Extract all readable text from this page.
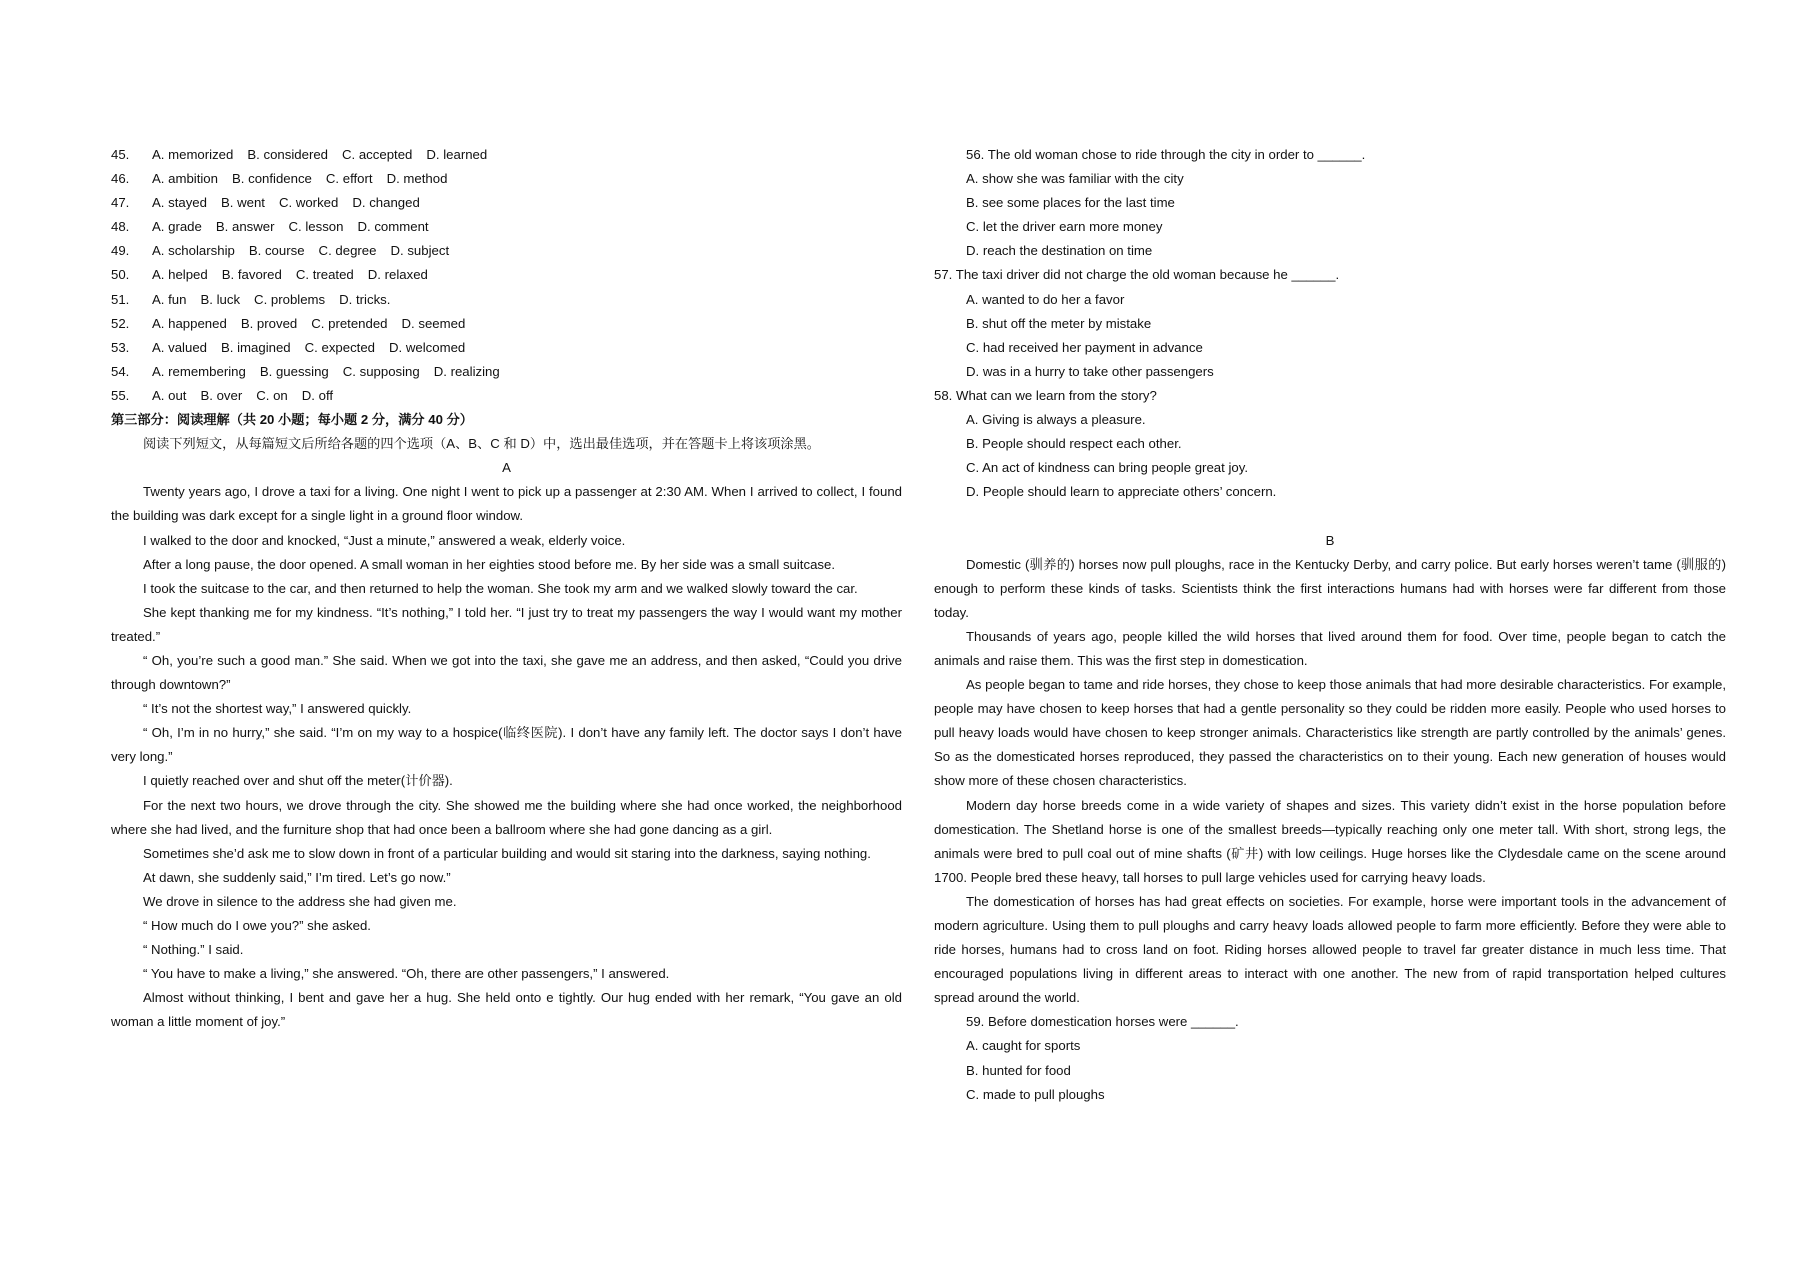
45.	A. memorized	B. considered	C. accepted	D. learned
46.	A. ambition	B. confidence	C. effort	D. method
47.	A. stayed	B. went	C. worked	D. changed
48.	A. grade	B. answer	C. lesson	D. comment
49.	A. scholarship	B. course	C. degree	D. subject
50.	A. helped	B. favored	C. treated	D. relaxed
51.	A. fun	B. luck	C. problems	D. tricks.
52.	A. happened	B. proved	C. pretended	D. seemed
53.	A. valued	B. imagined	C. expected	D. welcomed
54.	A. remembering	B. guessing	C. supposing	D. realizing
55.	A. out	B. over	C. on	D. off
第三部分：阅读理解（共 20 小题；每小题 2 分，满分 40 分）

阅读下列短文，从每篇短文后所给各题的四个选项（A、B、C 和 D）中，选出最佳选项，并在答题卡上将该项涂黑。

A

Twenty years ago, I drove a taxi for a living. One night I went to pick up a passenger at 2:30 AM. When I arrived to collect, I found the building was dark except for a single light in a ground floor window.

I walked to the door and knocked, “Just a minute,” answered a weak, elderly voice.

After a long pause, the door opened. A small woman in her eighties stood before me. By her side was a small suitcase.

I took the suitcase to the car, and then returned to help the woman. She took my arm and we walked slowly toward the car.

She kept thanking me for my kindness. “It’s nothing,” I told her. “I just try to treat my passengers the way I would want my mother treated.”

“ Oh, you’re such a good man.” She said. When we got into the taxi, she gave me an address, and then asked, “Could you drive through downtown?”

“ It’s not the shortest way,” I answered quickly.

“ Oh, I’m in no hurry,” she said. “I’m on my way to a hospice(临终医院). I don’t have any family left. The doctor says I don’t have very long.”

I quietly reached over and shut off the meter(计价器).

For the next two hours, we drove through the city. She showed me the building where she had once worked, the neighborhood where she had lived, and the furniture shop that had once been a ballroom where she had gone dancing as a girl.

Sometimes she’d ask me to slow down in front of a particular building and would sit staring into the darkness, saying nothing.

At dawn, she suddenly said,” I’m tired. Let’s go now.”

We drove in silence to the address she had given me.

“ How much do I owe you?” she asked.

“ Nothing.” I said.

“ You have to make a living,” she answered. “Oh, there are other passengers,” I answered.

Almost without thinking, I bent and gave her a hug. She held onto e tightly. Our hug ended with her remark, “You gave an old woman a little moment of joy.”

56. The old woman chose to ride through the city in order to ______.
A. show she was familiar with the city
B. see some places for the last time
C. let the driver earn more money
D. reach the destination on time
57. The taxi driver did not charge the old woman because he ______.
A. wanted to do her a favor
B. shut off the meter by mistake
C. had received her payment in advance
D. was in a hurry to take other passengers
58. What can we learn from the story?
A. Giving is always a pleasure.
B. People should respect each other.
C. An act of kindness can bring people great joy.
D. People should learn to appreciate others’ concern.
B

Domestic (驯养的) horses now pull ploughs, race in the Kentucky Derby, and carry police. But early horses weren’t tame (驯服的) enough to perform these kinds of tasks. Scientists think the first interactions humans had with horses were far different from those today.

Thousands of years ago, people killed the wild horses that lived around them for food. Over time, people began to catch the animals and raise them. This was the first step in domestication.

As people began to tame and ride horses, they chose to keep those animals that had more desirable characteristics. For example, people may have chosen to keep horses that had a gentle personality so they could be ridden more easily. People who used horses to pull heavy loads would have chosen to keep stronger animals. Characteristics like strength are partly controlled by the animals’ genes. So as the domesticated horses reproduced, they passed the characteristics on to their young. Each new generation of houses would show more of these chosen characteristics.

Modern day horse breeds come in a wide variety of shapes and sizes. This variety didn’t exist in the horse population before domestication. The Shetland horse is one of the smallest breeds—typically reaching only one meter tall. With short, strong legs, the animals were bred to pull coal out of mine shafts (矿井) with low ceilings. Huge horses like the Clydesdale came on the scene around 1700. People bred these heavy, tall horses to pull large vehicles used for carrying heavy loads.

The domestication of horses has had great effects on societies. For example, horse were important tools in the advancement of modern agriculture. Using them to pull ploughs and carry heavy loads allowed people to farm more efficiently. Before they were able to ride horses, humans had to cross land on foot. Riding horses allowed people to travel far greater distance in much less time. That encouraged populations living in different areas to interact with one another. The new from of rapid transportation helped cultures spread around the world.

59. Before domestication horses were ______.
A. caught for sports
B. hunted for food
C. made to pull ploughs
